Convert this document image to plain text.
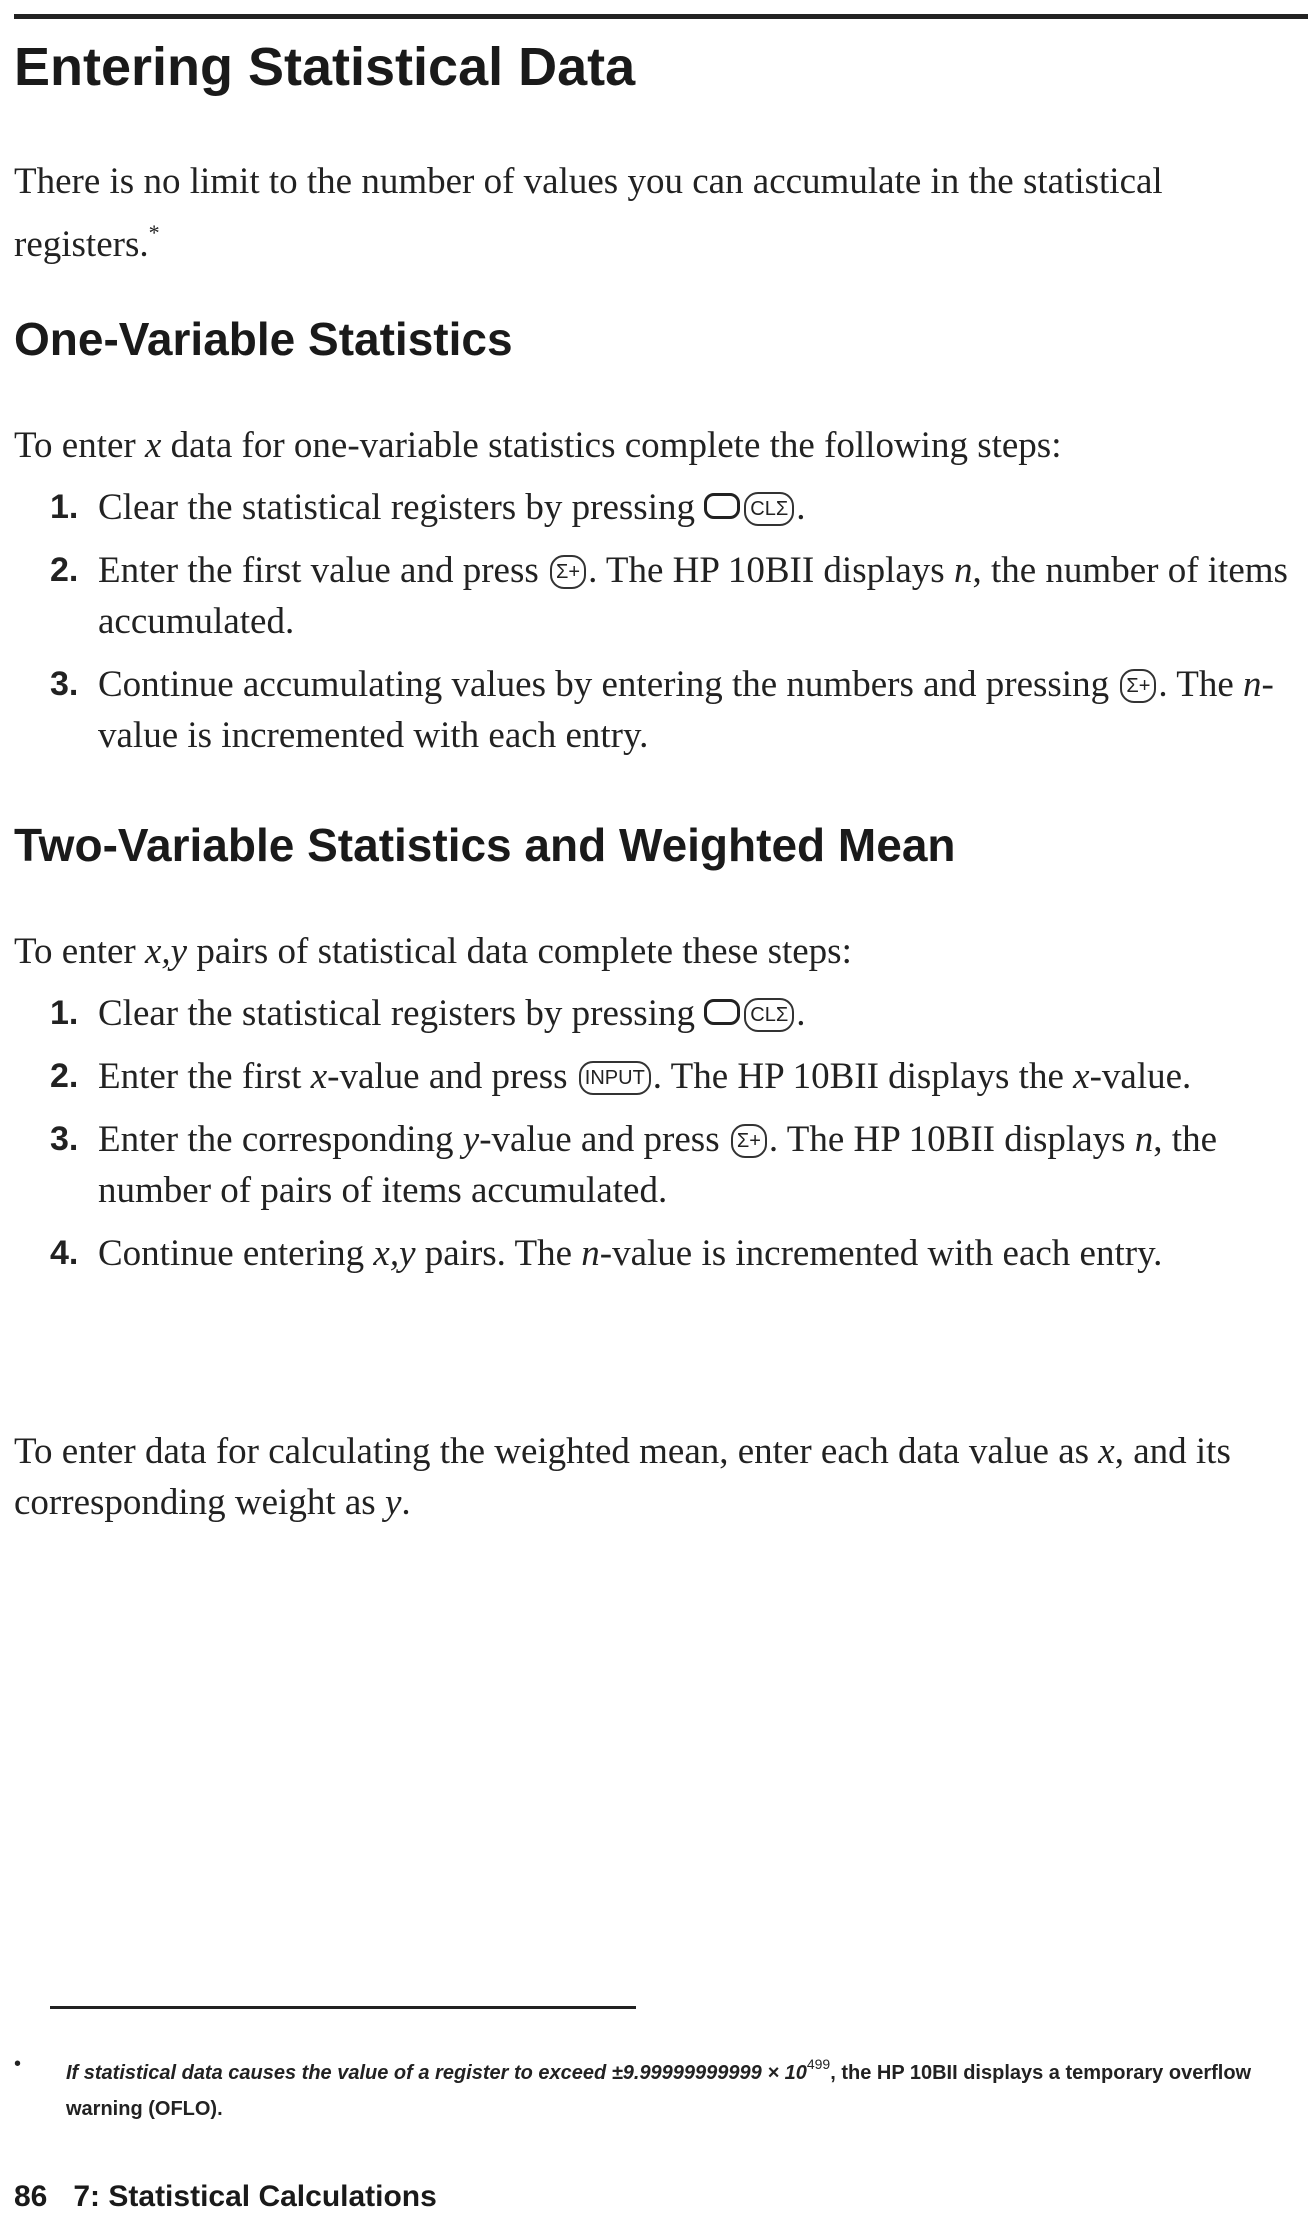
Entering Statistical Data

There is no limit to the number of values you can accumulate in the statistical registers.*

One-Variable Statistics

To enter x data for one-variable statistics complete the following steps:

1. Clear the statistical registers by pressing CLΣ .
2. Enter the first value and press Σ+ . The HP 10BII displays n, the number of items accumulated.
3. Continue accumulating values by entering the numbers and pressing Σ+ . The n-value is incremented with each entry.
Two-Variable Statistics and Weighted Mean

To enter x,y pairs of statistical data complete these steps:

1. Clear the statistical registers by pressing CLΣ .
2. Enter the first x-value and press INPUT . The HP 10BII displays the x-value.
3. Enter the corresponding y-value and press Σ+ . The HP 10BII displays n, the number of pairs of items accumulated.
4. Continue entering x,y pairs. The n-value is incremented with each entry.

To enter data for calculating the weighted mean, enter each data value as x, and its corresponding weight as y.

•	If statistical data causes the value of a register to exceed $\pm 9.99999999999 \times 10^{499}$, the HP 10BII displays a temporary overflow warning (OFLO).

86 7: Statistical Calculations
